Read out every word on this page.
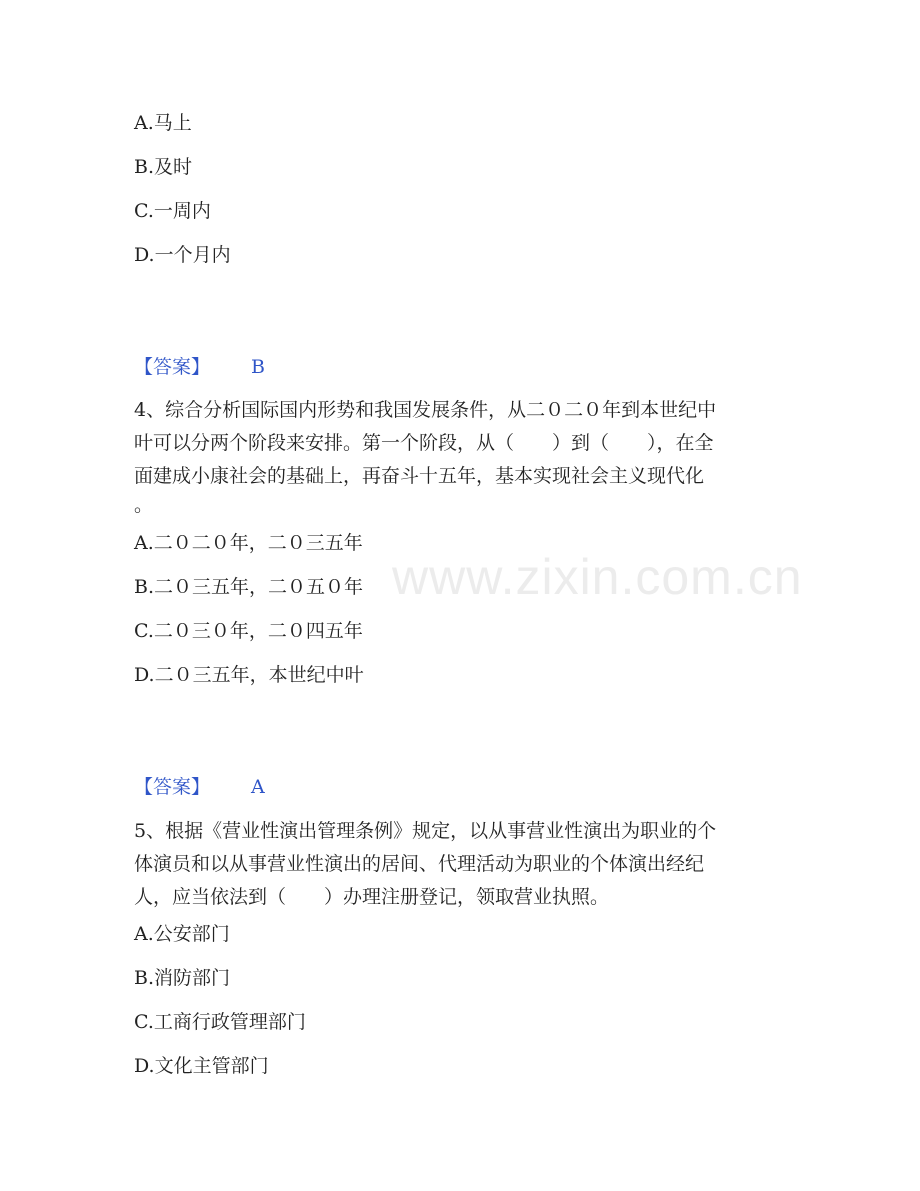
www.zixin.com.cn
A.马上
B.及时
C.一周内
D.一个月内
【答案】 B
4、综合分析国际国内形势和我国发展条件，从二０二０年到本世纪中
叶可以分两个阶段来安排。第一个阶段，从（　　）到（　　），在全
面建成小康社会的基础上，再奋斗十五年，基本实现社会主义现代化
。
A.二０二０年，二０三五年
B.二０三五年，二０五０年
C.二０三０年，二０四五年
D.二０三五年，本世纪中叶
【答案】 A
5、根据《营业性演出管理条例》规定，以从事营业性演出为职业的个
体演员和以从事营业性演出的居间、代理活动为职业的个体演出经纪
人，应当依法到（　　）办理注册登记，领取营业执照。
A.公安部门
B.消防部门
C.工商行政管理部门
D.文化主管部门
